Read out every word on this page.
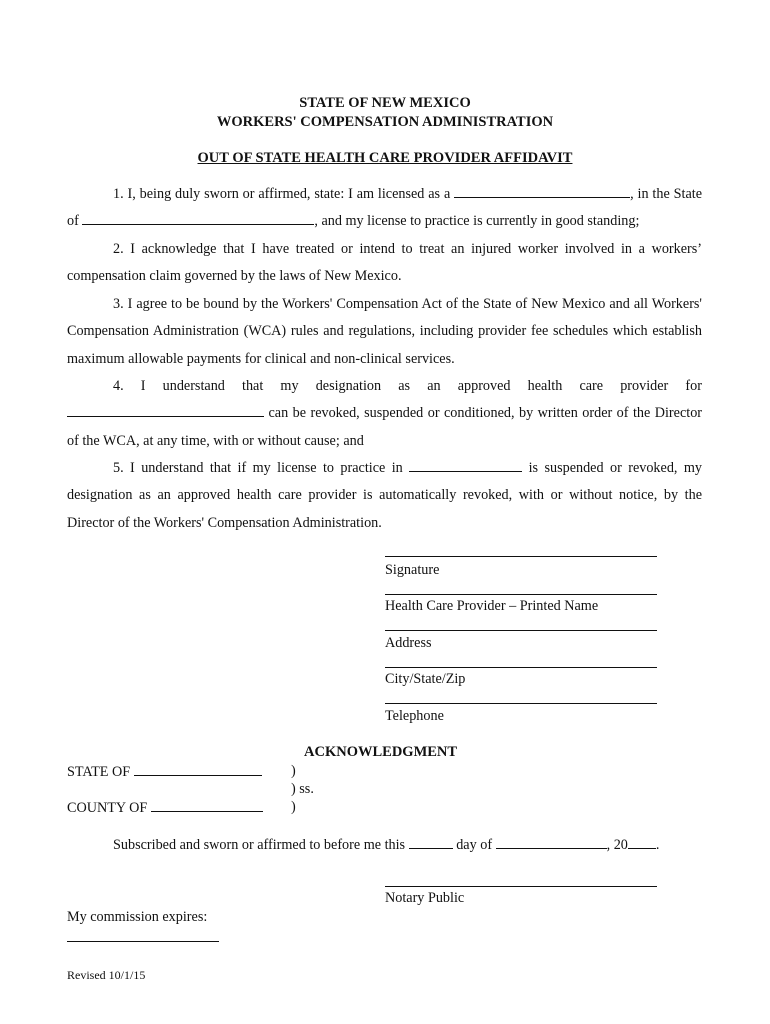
STATE OF NEW MEXICO
WORKERS' COMPENSATION ADMINISTRATION
OUT OF STATE HEALTH CARE PROVIDER AFFIDAVIT
1. I, being duly sworn or affirmed, state: I am licensed as a	, in the State of	, and my license to practice is currently in good standing;
2. I acknowledge that I have treated or intend to treat an injured worker involved in a workers’ compensation claim governed by the laws of New Mexico.
3. I agree to be bound by the Workers' Compensation Act of the State of New Mexico and all Workers' Compensation Administration (WCA) rules and regulations, including provider fee schedules which establish maximum allowable payments for clinical and non-clinical services.
4. I understand that my designation as an approved health care provider for
can be revoked, suspended or conditioned, by written order of the Director of the WCA, at any time, with or without cause; and
5. I understand that if my license to practice in	is suspended or revoked, my designation as an approved health care provider is automatically revoked, with or without notice, by the Director of the Workers' Compensation Administration.
Signature
Health Care Provider – Printed Name
Address
City/State/Zip
Telephone
ACKNOWLEDGMENT
STATE OF	)
) ss.
COUNTY OF	)
Subscribed and sworn or affirmed to before me this	day of	, 20 .
Notary Public
My commission expires:
Revised 10/1/15
